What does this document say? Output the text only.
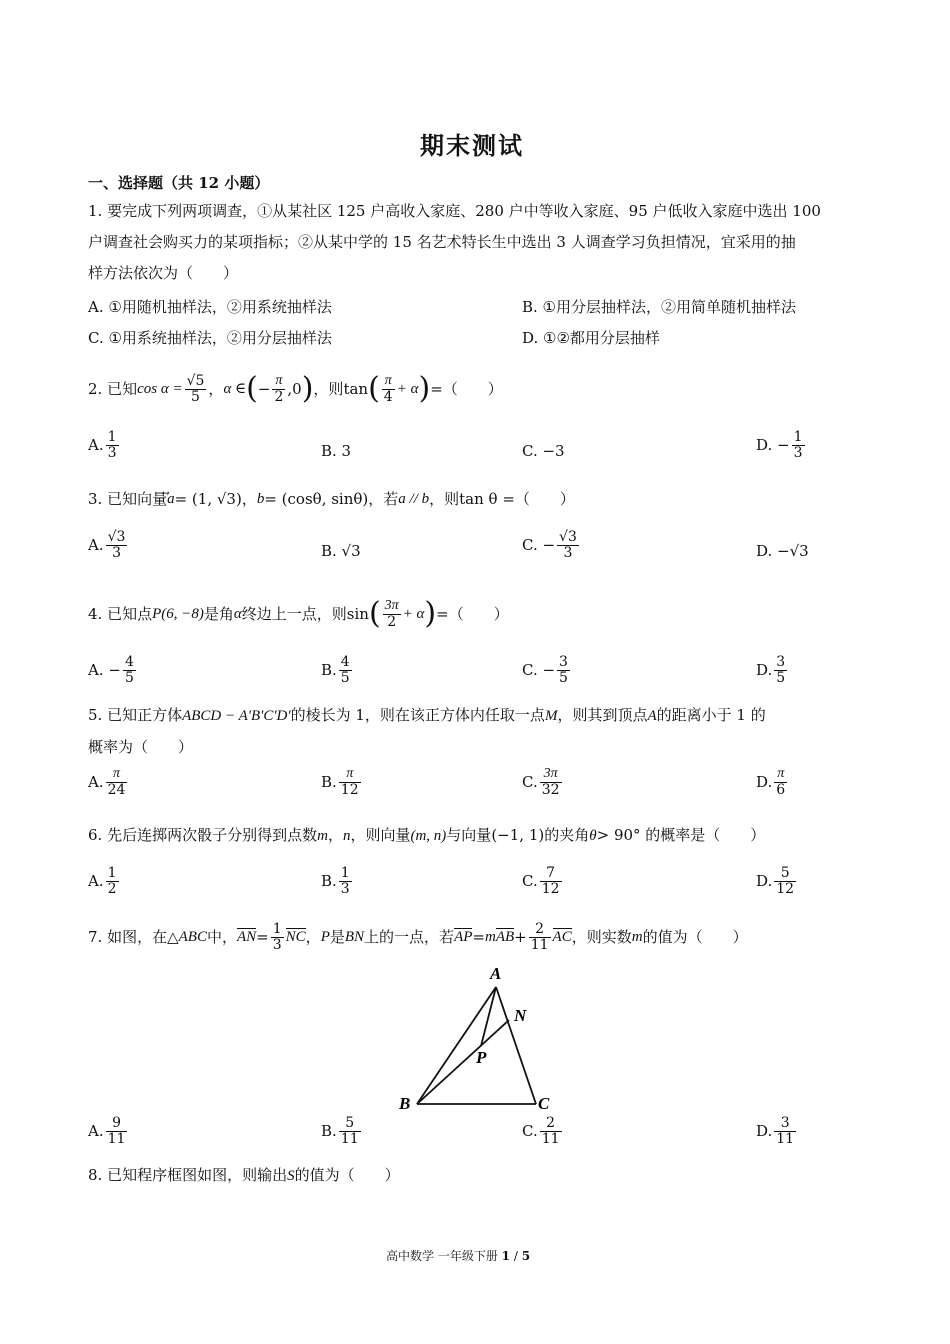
期末测试
一、选择题（共 12 小题）
1. 要完成下列两项调查，①从某社区 125 户高收入家庭、280 户中等收入家庭、95 户低收入家庭中选出 100
户调查社会购买力的某项指标；②从某中学的 15 名艺术特长生中选出 3 人调查学习负担情况，宜采用的抽
样方法依次为（　　）
A. ①用随机抽样法，②用系统抽样法	B. ①用分层抽样法，②用简单随机抽样法
C. ①用系统抽样法，②用分层抽样法	D. ①②都用分层抽样
2. 已知 $\cos \alpha = \frac{√5}{5}$ ， α ∈ ( − $\frac{\pi}{2} ,0$ ) ，则 tan ( $\frac{\pi}{4} + \alpha$ ) =（　　）
A. $\frac{1}{3}$	B. 3	C. −3	D. − $\frac{1}{3}$
3. 已知向量 a = (1, √3) ， b = (cosθ, sinθ) ，若 a // b ，则 tan θ =（　　）
A. $\frac{√3}{3}$	B. √3	C. − $\frac{√3}{3}$	D. −√3
4. 已知点 P(6, −8) 是角 α 终边上一点，则 sin ( $\frac{3\pi}{2} + \alpha$ ) =（　　）
A. − $\frac{4}{5}$	B. $\frac{4}{5}$	C. − $\frac{3}{5}$	D. $\frac{3}{5}$
5. 已知正方体ABCD − A'B'C'D'的棱长为 1，则在该正方体内任取一点M，则其到顶点A的距离小于 1 的
概率为（　　）
A. $\frac{\pi}{24}$	B. $\frac{\pi}{12}$	C. $\frac{3\pi}{32}$	D. $\frac{\pi}{6}$
6. 先后连掷两次骰子分别得到点数m，n，则向量(m, n)与向量(−1, 1)的夹角θ> 90° 的概率是（　　）
A. $\frac{1}{2}$	B. $\frac{1}{3}$	C. $\frac{7}{12}$	D. $\frac{5}{12}$
7. 如图，在△ ABC 中， AN = $\frac{1}{3}$ NC ， P 是 BN 上的一点，若 AP = m AB + $\frac{2}{11}$ AC ，则实数 m 的值为（　　）
A
N
P
B	C
A. $\frac{9}{11}$	B. $\frac{5}{11}$	C. $\frac{2}{11}$	D. $\frac{3}{11}$
8. 已知程序框图如图，则输出S的值为（　　）
高中数学 一年级下册 1 / 5
